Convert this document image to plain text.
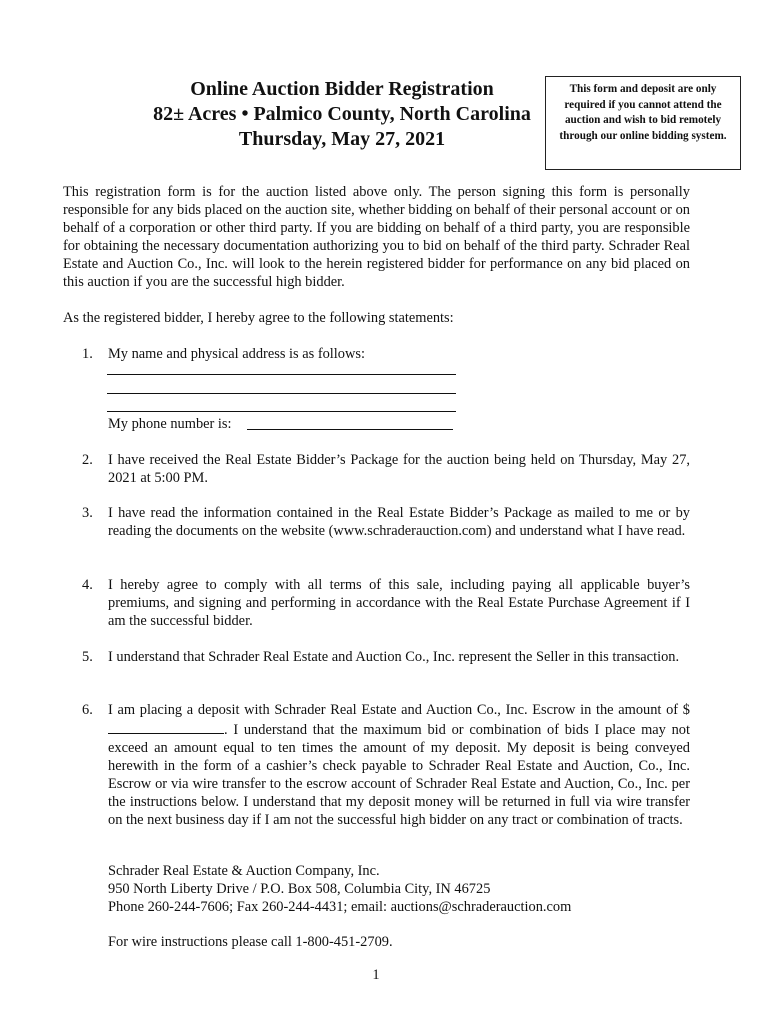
Online Auction Bidder Registration
82± Acres • Palmico County, North Carolina
Thursday, May 27, 2021
This form and deposit are only required if you cannot attend the auction and wish to bid remotely through our online bidding system.
This registration form is for the auction listed above only. The person signing this form is personally responsible for any bids placed on the auction site, whether bidding on behalf of their personal account or on behalf of a corporation or other third party. If you are bidding on behalf of a third party, you are responsible for obtaining the necessary documentation authorizing you to bid on behalf of the third party. Schrader Real Estate and Auction Co., Inc. will look to the herein registered bidder for performance on any bid placed on this auction if you are the successful high bidder.
As the registered bidder, I hereby agree to the following statements:
1.	My name and physical address is as follows:
My phone number is:
2.	I have received the Real Estate Bidder’s Package for the auction being held on Thursday, May 27, 2021 at 5:00 PM.
3.	I have read the information contained in the Real Estate Bidder’s Package as mailed to me or by reading the documents on the website (www.schraderauction.com) and understand what I have read.
4.	I hereby agree to comply with all terms of this sale, including paying all applicable buyer’s premiums, and signing and performing in accordance with the Real Estate Purchase Agreement if I am the successful bidder.
5.	I understand that Schrader Real Estate and Auction Co., Inc. represent the Seller in this transaction.
6.	I am placing a deposit with Schrader Real Estate and Auction Co., Inc. Escrow in the amount of $. I understand that the maximum bid or combination of bids I place may not exceed an amount equal to ten times the amount of my deposit. My deposit is being conveyed herewith in the form of a cashier’s check payable to Schrader Real Estate and Auction, Co., Inc. Escrow or via wire transfer to the escrow account of Schrader Real Estate and Auction, Co., Inc. per the instructions below. I understand that my deposit money will be returned in full via wire transfer on the next business day if I am not the successful high bidder on any tract or combination of tracts.
Schrader Real Estate & Auction Company, Inc.
950 North Liberty Drive / P.O. Box 508, Columbia City, IN 46725
Phone 260-244-7606; Fax 260-244-4431; email: auctions@schraderauction.com
For wire instructions please call 1-800-451-2709.
1
